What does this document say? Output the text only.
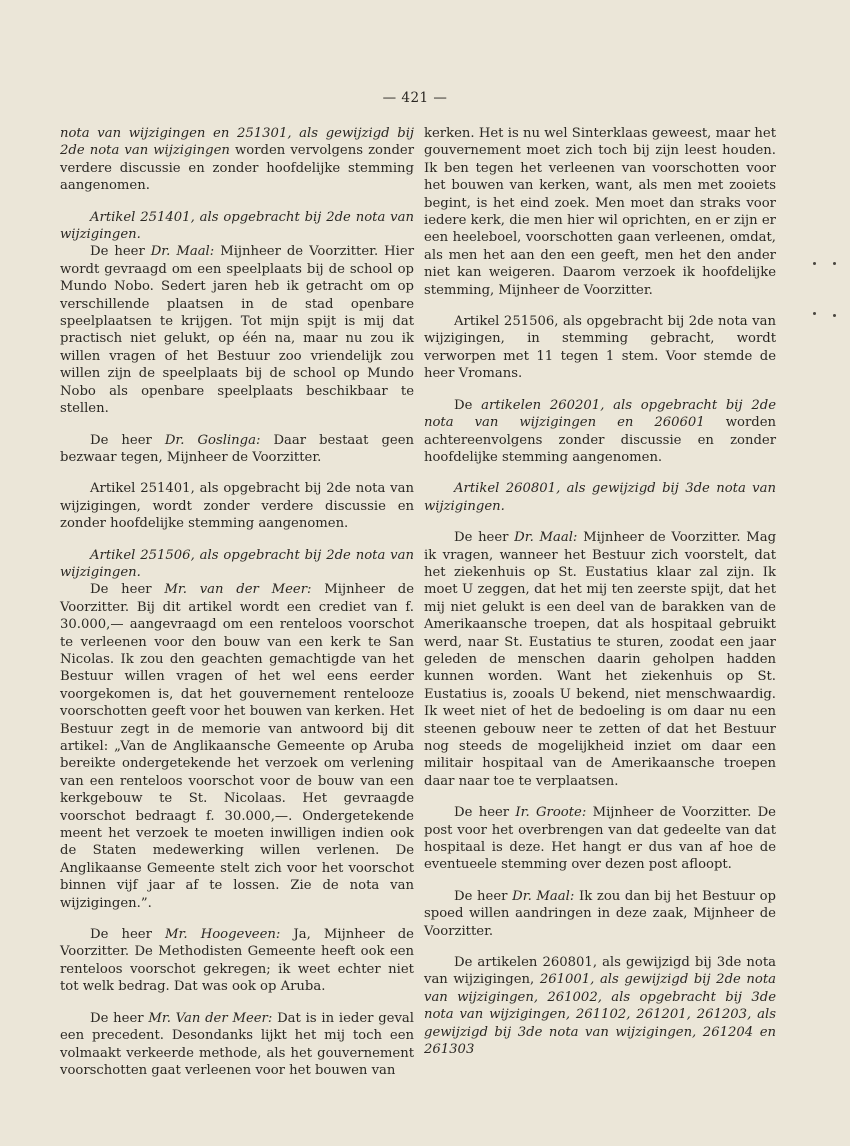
— 421 —

nota van wijzigingen en 251301, als gewijzigd bij 2de nota van wijzigingen worden vervolgens zonder verdere discussie en zonder hoofdelijke stemming aangenomen.

Artikel 251401, als opgebracht bij 2de nota van wijzigingen.

De heer Dr. Maal: Mijnheer de Voorzitter. Hier wordt gevraagd om een speelplaats bij de school op Mundo Nobo. Sedert jaren heb ik getracht om op verschillende plaatsen in de stad openbare speelplaatsen te krijgen. Tot mijn spijt is mij dat practisch niet gelukt, op één na, maar nu zou ik willen vragen of het Bestuur zoo vriendelijk zou willen zijn de speelplaats bij de school op Mundo Nobo als openbare speelplaats beschikbaar te stellen.

De heer Dr. Goslinga: Daar bestaat geen bezwaar tegen, Mijnheer de Voorzitter.

Artikel 251401, als opgebracht bij 2de nota van wijzigingen, wordt zonder verdere discussie en zonder hoofdelijke stemming aangenomen.

Artikel 251506, als opgebracht bij 2de nota van wijzigingen.

De heer Mr. van der Meer: Mijnheer de Voorzitter. Bij dit artikel wordt een crediet van f. 30.000,— aangevraagd om een renteloos voorschot te verleenen voor den bouw van een kerk te San Nicolas. Ik zou den geachten gemachtigde van het Bestuur willen vragen of het wel eens eerder voorgekomen is, dat het gouvernement rentelooze voorschotten geeft voor het bouwen van kerken. Het Bestuur zegt in de memorie van antwoord bij dit artikel: „Van de Anglikaansche Gemeente op Aruba bereikte ondergetekende het verzoek om verlening van een renteloos voorschot voor de bouw van een kerkgebouw te St. Nicolaas. Het gevraagde voorschot bedraagt f. 30.000,—. Ondergetekende meent het verzoek te moeten inwilligen indien ook de Staten medewerking willen verlenen. De Anglikaanse Gemeente stelt zich voor het voorschot binnen vijf jaar af te lossen. Zie de nota van wijzigingen.”.

De heer Mr. Hoogeveen: Ja, Mijnheer de Voorzitter. De Methodisten Gemeente heeft ook een renteloos voorschot gekregen; ik weet echter niet tot welk bedrag. Dat was ook op Aruba.

De heer Mr. Van der Meer: Dat is in ieder geval een precedent. Desondanks lijkt het mij toch een volmaakt verkeerde methode, als het gouvernement voorschotten gaat verleenen voor het bouwen van

kerken. Het is nu wel Sinterklaas geweest, maar het gouvernement moet zich toch bij zijn leest houden. Ik ben tegen het verleenen van voorschotten voor het bouwen van kerken, want, als men met zooiets begint, is het eind zoek. Men moet dan straks voor iedere kerk, die men hier wil oprichten, en er zijn er een heeleboel, voorschotten gaan verleenen, omdat, als men het aan den een geeft, men het den ander niet kan weigeren. Daarom verzoek ik hoofdelijke stemming, Mijnheer de Voorzitter.

Artikel 251506, als opgebracht bij 2de nota van wijzigingen, in stemming gebracht, wordt verworpen met 11 tegen 1 stem. Voor stemde de heer Vromans.

De artikelen 260201, als opgebracht bij 2de nota van wijzigingen en 260601 worden achtereenvolgens zonder discussie en zonder hoofdelijke stemming aangenomen.

Artikel 260801, als gewijzigd bij 3de nota van wijzigingen.

De heer Dr. Maal: Mijnheer de Voorzitter. Mag ik vragen, wanneer het Bestuur zich voorstelt, dat het ziekenhuis op St. Eustatius klaar zal zijn. Ik moet U zeggen, dat het mij ten zeerste spijt, dat het mij niet gelukt is een deel van de barakken van de Amerikaansche troepen, dat als hospitaal gebruikt werd, naar St. Eustatius te sturen, zoodat een jaar geleden de menschen daarin geholpen hadden kunnen worden. Want het ziekenhuis op St. Eustatius is, zooals U bekend, niet menschwaardig. Ik weet niet of het de bedoeling is om daar nu een steenen gebouw neer te zetten of dat het Bestuur nog steeds de mogelijkheid inziet om daar een militair hospitaal van de Amerikaansche troepen daar naar toe te verplaatsen.

De heer Ir. Groote: Mijnheer de Voorzitter. De post voor het overbrengen van dat gedeelte van dat hospitaal is deze. Het hangt er dus van af hoe de eventueele stemming over dezen post afloopt.

De heer Dr. Maal: Ik zou dan bij het Bestuur op spoed willen aandringen in deze zaak, Mijnheer de Voorzitter.

De artikelen 260801, als gewijzigd bij 3de nota van wijzigingen, 261001, als gewijzigd bij 2de nota van wijzigingen, 261002, als opgebracht bij 3de nota van wijzigingen, 261102, 261201, 261203, als gewijzigd bij 3de nota van wijzigingen, 261204 en 261303
